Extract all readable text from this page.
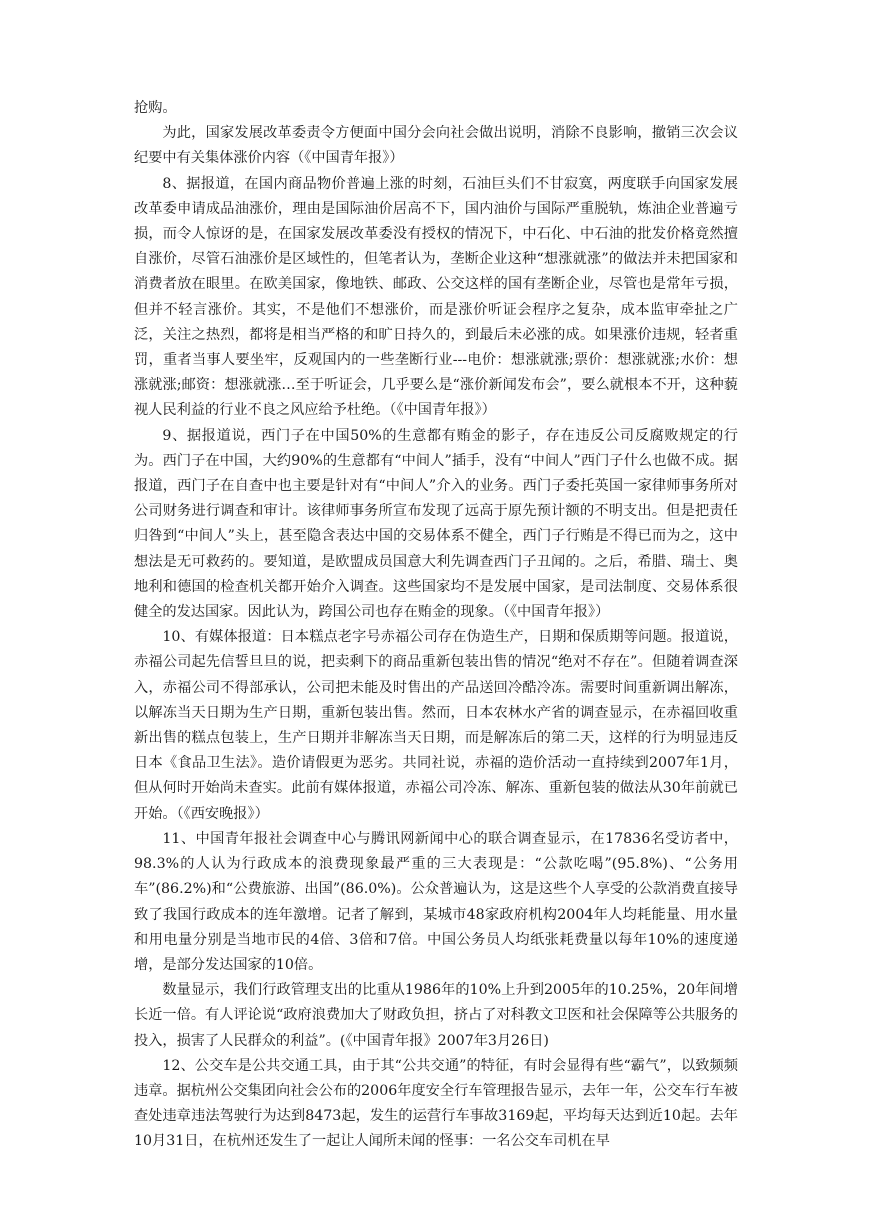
抢购。

为此，国家发展改革委责令方便面中国分会向社会做出说明，消除不良影响，撤销三次会议纪要中有关集体涨价内容（《中国青年报》）

8、据报道，在国内商品物价普遍上涨的时刻，石油巨头们不甘寂寞，两度联手向国家发展改革委申请成品油涨价，理由是国际油价居高不下，国内油价与国际严重脱轨，炼油企业普遍亏损，而令人惊讶的是，在国家发展改革委没有授权的情况下，中石化、中石油的批发价格竟然擅自涨价，尽管石油涨价是区域性的，但笔者认为，垄断企业这种“想涨就涨”的做法并未把国家和消费者放在眼里。在欧美国家，像地铁、邮政、公交这样的国有垄断企业，尽管也是常年亏损，但并不轻言涨价。其实，不是他们不想涨价，而是涨价听证会程序之复杂，成本监审牵扯之广泛，关注之热烈，都将是相当严格的和旷日持久的，到最后未必涨的成。如果涨价违规，轻者重罚，重者当事人要坐牢，反观国内的一些垄断行业---电价：想涨就涨;票价：想涨就涨;水价：想涨就涨;邮资：想涨就涨…至于听证会，几乎要么是“涨价新闻发布会”，要么就根本不开，这种藐视人民利益的行业不良之风应给予杜绝。（《中国青年报》）

9、据报道说，西门子在中国50%的生意都有贿金的影子，存在违反公司反腐败规定的行为。西门子在中国，大约90%的生意都有“中间人”插手，没有“中间人”西门子什么也做不成。据报道，西门子在自查中也主要是针对有“中间人”介入的业务。西门子委托英国一家律师事务所对公司财务进行调查和审计。该律师事务所宣布发现了远高于原先预计额的不明支出。但是把责任归咎到“中间人”头上，甚至隐含表达中国的交易体系不健全，西门子行贿是不得已而为之，这中想法是无可救药的。要知道，是欧盟成员国意大利先调查西门子丑闻的。之后，希腊、瑞士、奥地利和德国的检查机关都开始介入调查。这些国家均不是发展中国家，是司法制度、交易体系很健全的发达国家。因此认为，跨国公司也存在贿金的现象。（《中国青年报》）

10、有媒体报道：日本糕点老字号赤福公司存在伪造生产，日期和保质期等问题。报道说，赤福公司起先信誓旦旦的说，把卖剩下的商品重新包装出售的情况“绝对不存在”。但随着调查深入，赤福公司不得部承认，公司把未能及时售出的产品送回冷酷冷冻。需要时间重新调出解冻，以解冻当天日期为生产日期，重新包装出售。然而，日本农林水产省的调查显示，在赤福回收重新出售的糕点包装上，生产日期并非解冻当天日期，而是解冻后的第二天，这样的行为明显违反日本《食品卫生法》。造价请假更为恶劣。共同社说，赤福的造价活动一直持续到2007年1月，但从何时开始尚未查实。此前有媒体报道，赤福公司冷冻、解冻、重新包装的做法从30年前就已开始。（《西安晚报》）

11、中国青年报社会调查中心与腾讯网新闻中心的联合调查显示，在17836名受访者中，98.3%的人认为行政成本的浪费现象最严重的三大表现是：“公款吃喝”(95.8%)、“公务用车”(86.2%)和“公费旅游、出国”(86.0%)。公众普遍认为，这是这些个人享受的公款消费直接导致了我国行政成本的连年激增。记者了解到，某城市48家政府机构2004年人均耗能量、用水量和用电量分别是当地市民的4倍、3倍和7倍。中国公务员人均纸张耗费量以每年10%的速度递增，是部分发达国家的10倍。

数量显示，我们行政管理支出的比重从1986年的10%上升到2005年的10.25%，20年间增长近一倍。有人评论说“政府浪费加大了财政负担，挤占了对科教文卫医和社会保障等公共服务的投入，损害了人民群众的利益”。(《中国青年报》2007年3月26日)

12、公交车是公共交通工具，由于其“公共交通”的特征，有时会显得有些“霸气”，以致频频违章。据杭州公交集团向社会公布的2006年度安全行车管理报告显示，去年一年，公交车行车被查处违章违法驾驶行为达到8473起，发生的运营行车事故3169起，平均每天达到近10起。去年10月31日，在杭州还发生了一起让人闻所未闻的怪事：一名公交车司机在早
